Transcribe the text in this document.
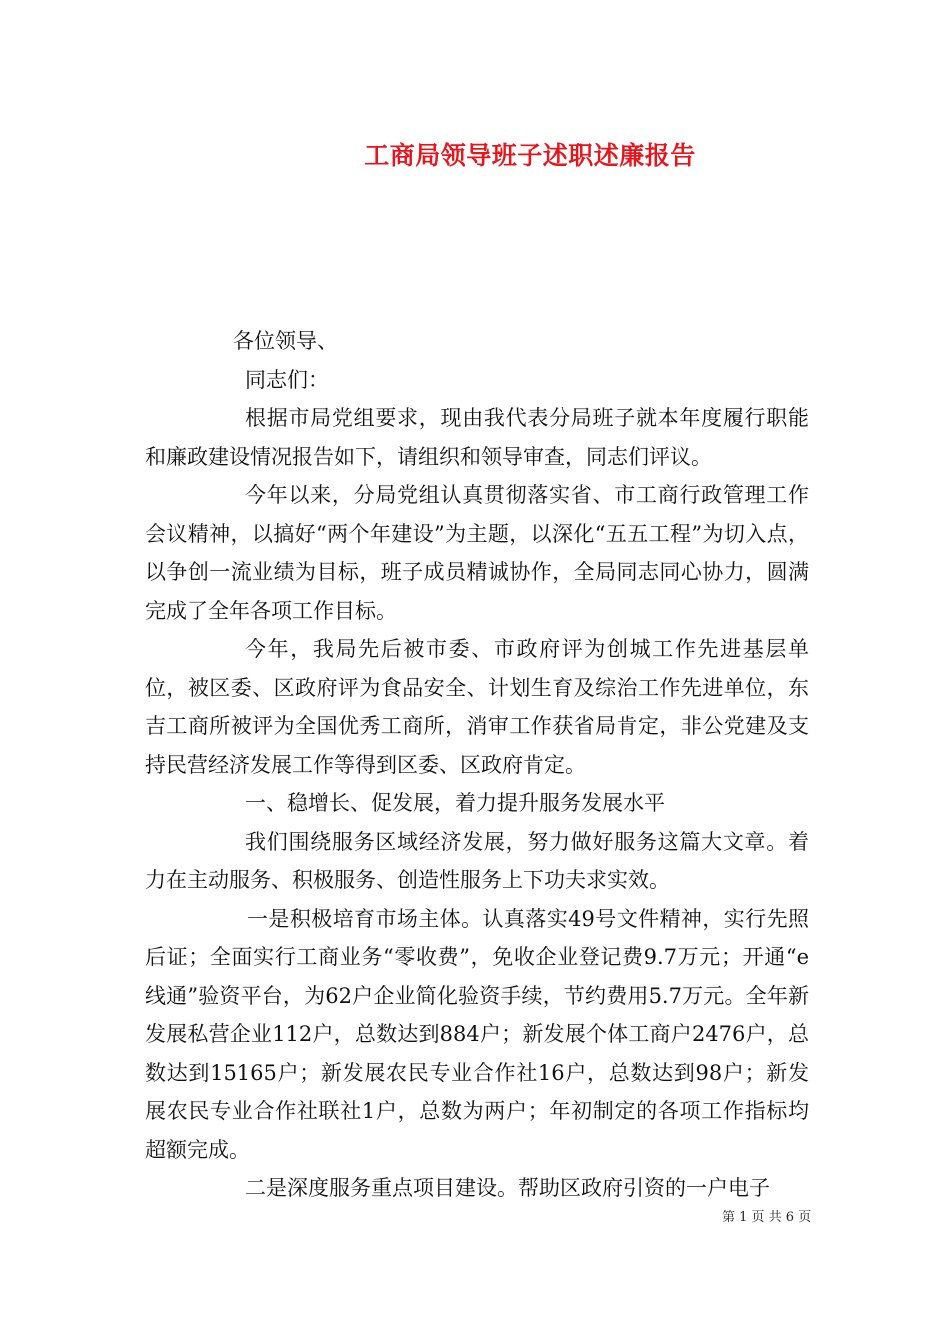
工商局领导班子述职述廉报告

各位领导、

同志们：

根据市局党组要求，现由我代表分局班子就本年度履行职能和廉政建设情况报告如下，请组织和领导审查，同志们评议。

今年以来，分局党组认真贯彻落实省、市工商行政管理工作会议精神，以搞好“两个年建设”为主题，以深化“五五工程”为切入点，以争创一流业绩为目标，班子成员精诚协作，全局同志同心协力，圆满完成了全年各项工作目标。

今年，我局先后被市委、市政府评为创城工作先进基层单位，被区委、区政府评为食品安全、计划生育及综治工作先进单位，东吉工商所被评为全国优秀工商所，消审工作获省局肯定，非公党建及支持民营经济发展工作等得到区委、区政府肯定。

一、稳增长、促发展，着力提升服务发展水平

我们围绕服务区域经济发展，努力做好服务这篇大文章。着力在主动服务、积极服务、创造性服务上下功夫求实效。

一是积极培育市场主体。认真落实49号文件精神，实行先照后证；全面实行工商业务“零收费”，免收企业登记费9.7万元；开通“e线通”验资平台，为62户企业简化验资手续，节约费用5.7万元。全年新发展私营企业112户，总数达到884户；新发展个体工商户2476户，总数达到15165户；新发展农民专业合作社16户，总数达到98户；新发展农民专业合作社联社1户，总数为两户；年初制定的各项工作指标均超额完成。

二是深度服务重点项目建设。帮助区政府引资的一户电子

第 1 页 共 6 页
